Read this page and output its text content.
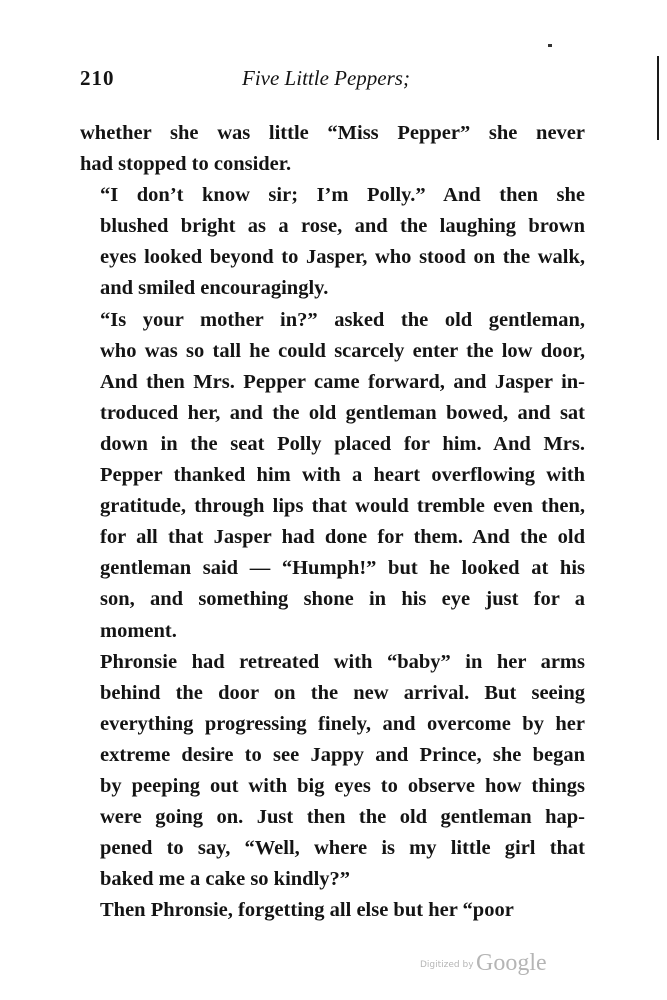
210	Five Little Peppers;

whether she was little “Miss Pepper” she never
had stopped to consider.

“I don’t know sir; I’m Polly.” And then she
blushed bright as a rose, and the laughing brown
eyes looked beyond to Jasper, who stood on the walk,
and smiled encouragingly.

“Is your mother in?” asked the old gentleman,
who was so tall he could scarcely enter the low door,
And then Mrs. Pepper came forward, and Jasper in-
troduced her, and the old gentleman bowed, and sat
down in the seat Polly placed for him. And Mrs.
Pepper thanked him with a heart overflowing with
gratitude, through lips that would tremble even then,
for all that Jasper had done for them. And the old
gentleman said — “Humph!” but he looked at his
son, and something shone in his eye just for a
moment.

Phronsie had retreated with “baby” in her arms
behind the door on the new arrival. But seeing
everything progressing finely, and overcome by her
extreme desire to see Jappy and Prince, she began
by peeping out with big eyes to observe how things
were going on. Just then the old gentleman hap-
pened to say, “Well, where is my little girl that
baked me a cake so kindly?”

Then Phronsie, forgetting all else but her “poor

Digitized by Google
